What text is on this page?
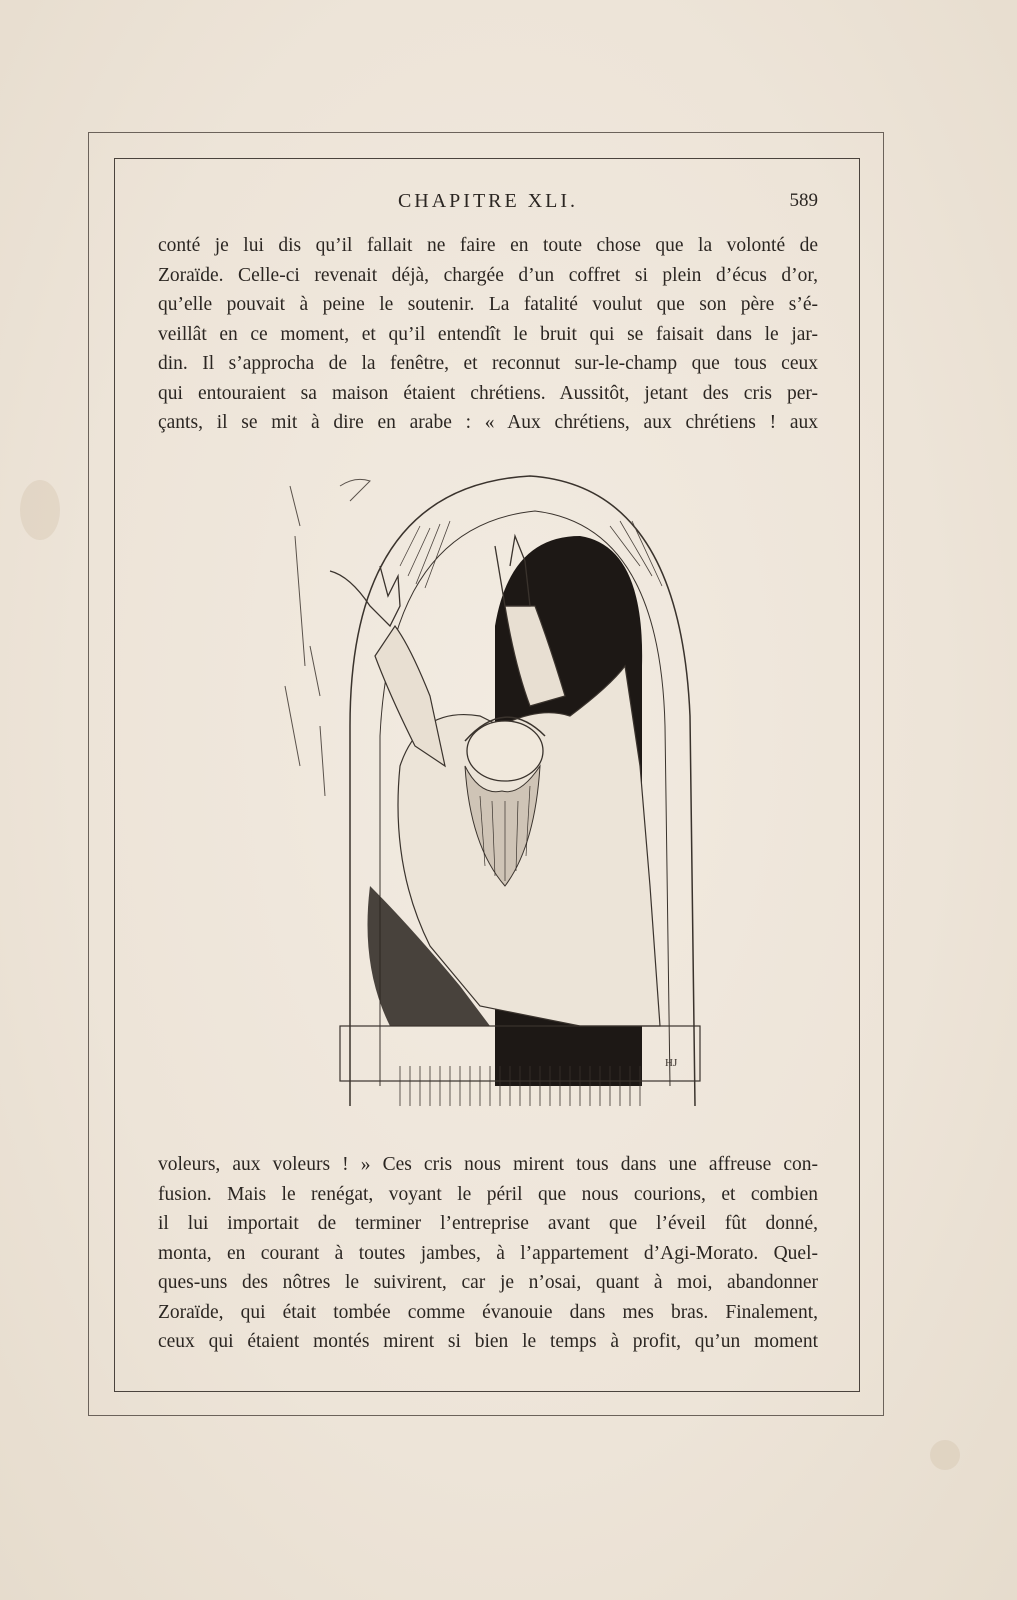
CHAPITRE XLI.	589
conté je lui dis qu’il fallait ne faire en toute chose que la volonté de
Zoraïde. Celle-ci revenait déjà, chargée d’un coffret si plein d’écus d’or,
qu’elle pouvait à peine le soutenir. La fatalité voulut que son père s’é-
veillât en ce moment, et qu’il entendît le bruit qui se faisait dans le jar-
din. Il s’approcha de la fenêtre, et reconnut sur-le-champ que tous ceux
qui entouraient sa maison étaient chrétiens. Aussitôt, jetant des cris per-
çants, il se mit à dire en arabe : « Aux chrétiens, aux chrétiens ! aux
HJ
voleurs, aux voleurs ! » Ces cris nous mirent tous dans une affreuse con-
fusion. Mais le renégat, voyant le péril que nous courions, et combien
il lui importait de terminer l’entreprise avant que l’éveil fût donné,
monta, en courant à toutes jambes, à l’appartement d’Agi-Morato. Quel-
ques-uns des nôtres le suivirent, car je n’osai, quant à moi, abandonner
Zoraïde, qui était tombée comme évanouie dans mes bras. Finalement,
ceux qui étaient montés mirent si bien le temps à profit, qu’un moment
